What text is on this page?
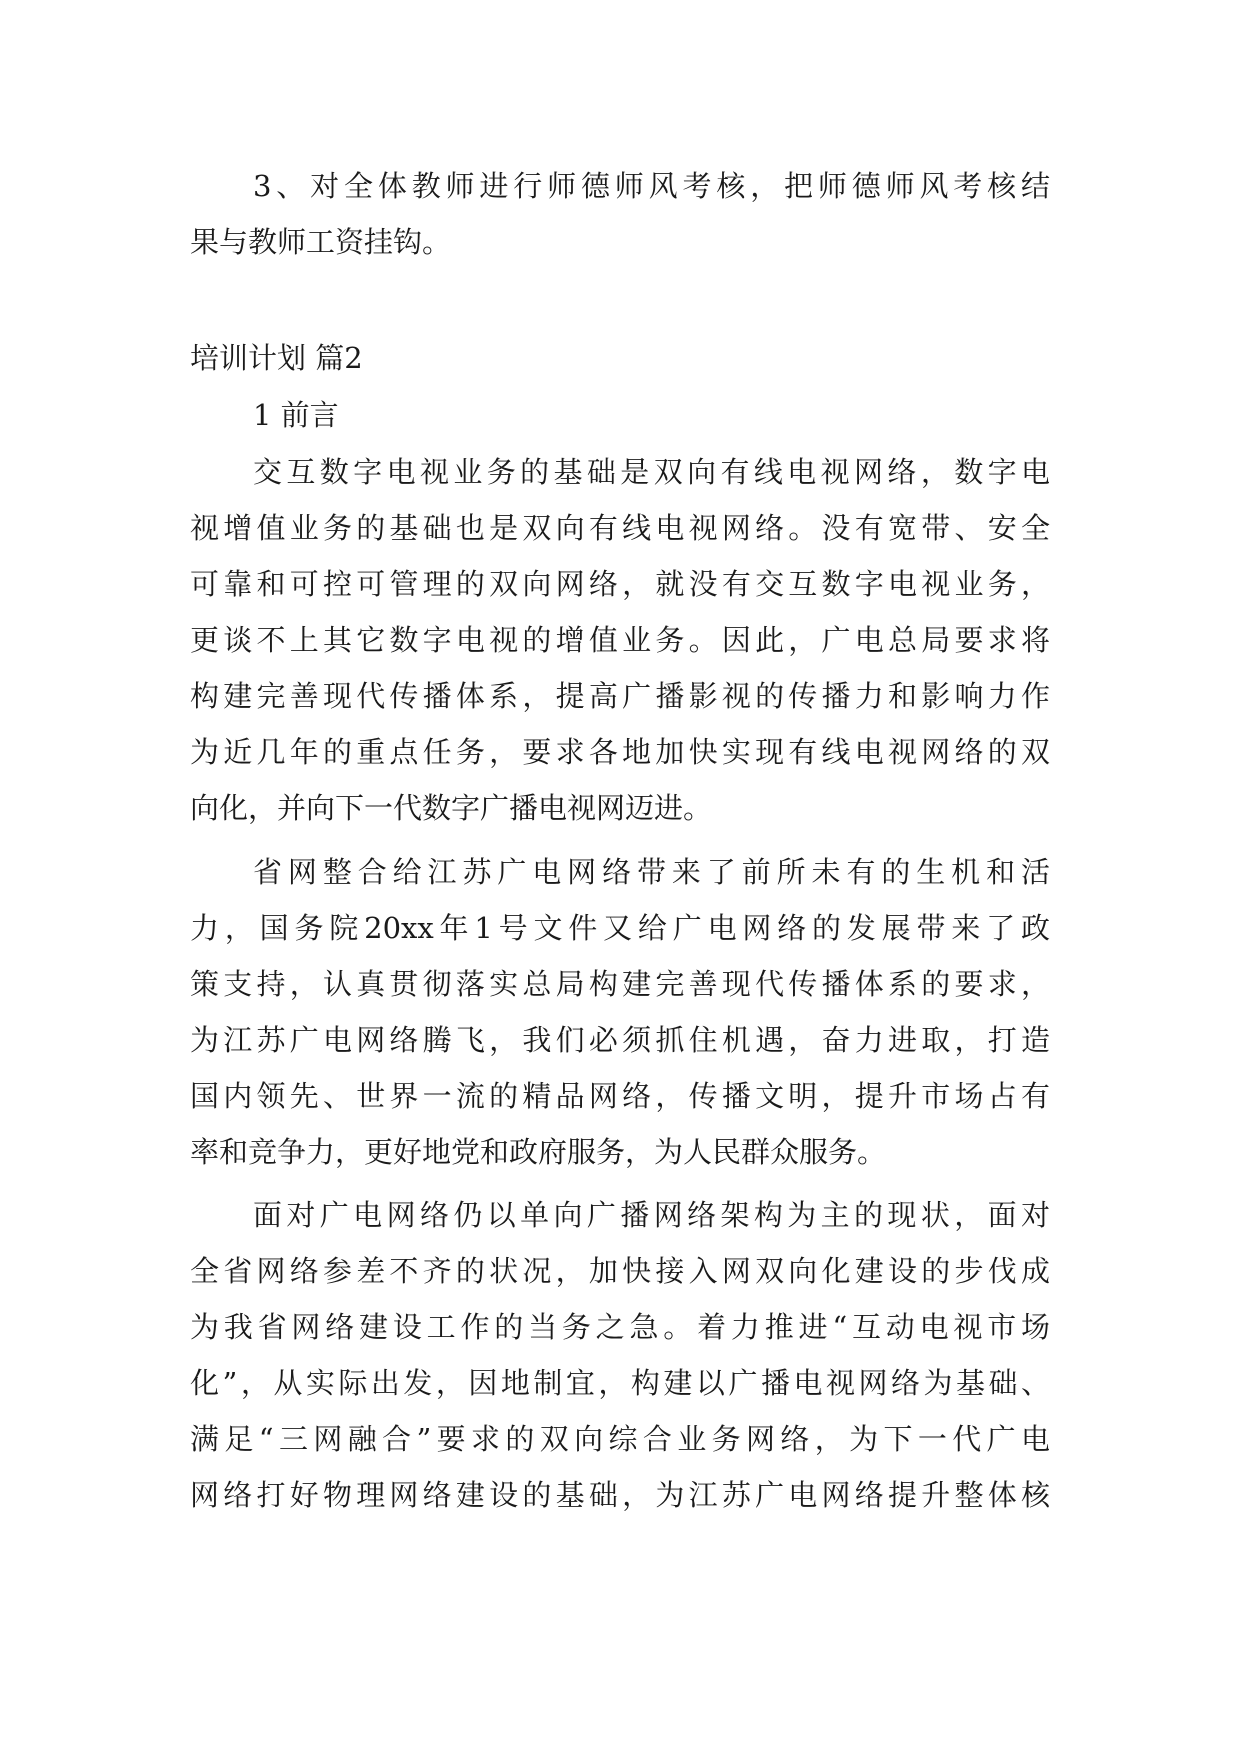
3、对全体教师进行师德师风考核，把师德师风考核结
果与教师工资挂钩。
培训计划 篇2
1 前言
交互数字电视业务的基础是双向有线电视网络，数字电
视增值业务的基础也是双向有线电视网络。没有宽带、安全
可靠和可控可管理的双向网络，就没有交互数字电视业务，
更谈不上其它数字电视的增值业务。因此，广电总局要求将
构建完善现代传播体系，提高广播影视的传播力和影响力作
为近几年的重点任务，要求各地加快实现有线电视网络的双
向化，并向下一代数字广播电视网迈进。
省网整合给江苏广电网络带来了前所未有的生机和活
力，国务院20xx年1号文件又给广电网络的发展带来了政
策支持，认真贯彻落实总局构建完善现代传播体系的要求，
为江苏广电网络腾飞，我们必须抓住机遇，奋力进取，打造
国内领先、世界一流的精品网络，传播文明，提升市场占有
率和竞争力，更好地党和政府服务，为人民群众服务。
面对广电网络仍以单向广播网络架构为主的现状，面对
全省网络参差不齐的状况，加快接入网双向化建设的步伐成
为我省网络建设工作的当务之急。着力推进“互动电视市场
化”，从实际出发，因地制宜，构建以广播电视网络为基础、
满足“三网融合”要求的双向综合业务网络，为下一代广电
网络打好物理网络建设的基础，为江苏广电网络提升整体核
